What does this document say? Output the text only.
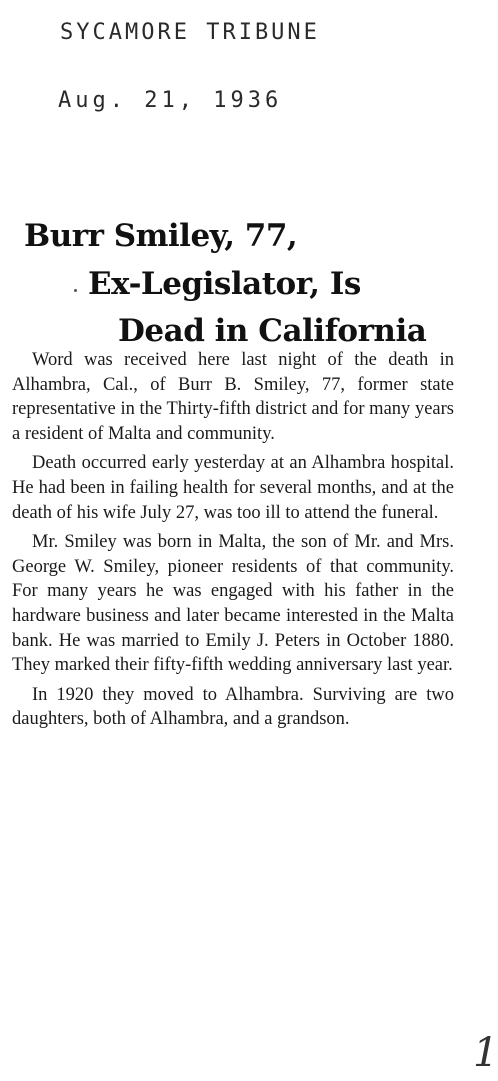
SYCAMORE TRIBUNE
Aug. 21, 1936
Burr Smiley, 77,
Ex-Legislator, Is
Dead in California

Word was received here last night of the death in Alhambra, Cal., of Burr B. Smiley, 77, former state representative in the Thirty-fifth district and for many years a resident of Malta and community.

Death occurred early yesterday at an Alhambra hospital. He had been in failing health for several months, and at the death of his wife July 27, was too ill to attend the funeral.

Mr. Smiley was born in Malta, the son of Mr. and Mrs. George W. Smiley, pioneer residents of that community. For many years he was engaged with his father in the hardware business and later became interested in the Malta bank. He was married to Emily J. Peters in October 1880. They marked their fifty-fifth wedding anniversary last year.

In 1920 they moved to Alhambra. Surviving are two daughters, both of Alhambra, and a grandson.

1
